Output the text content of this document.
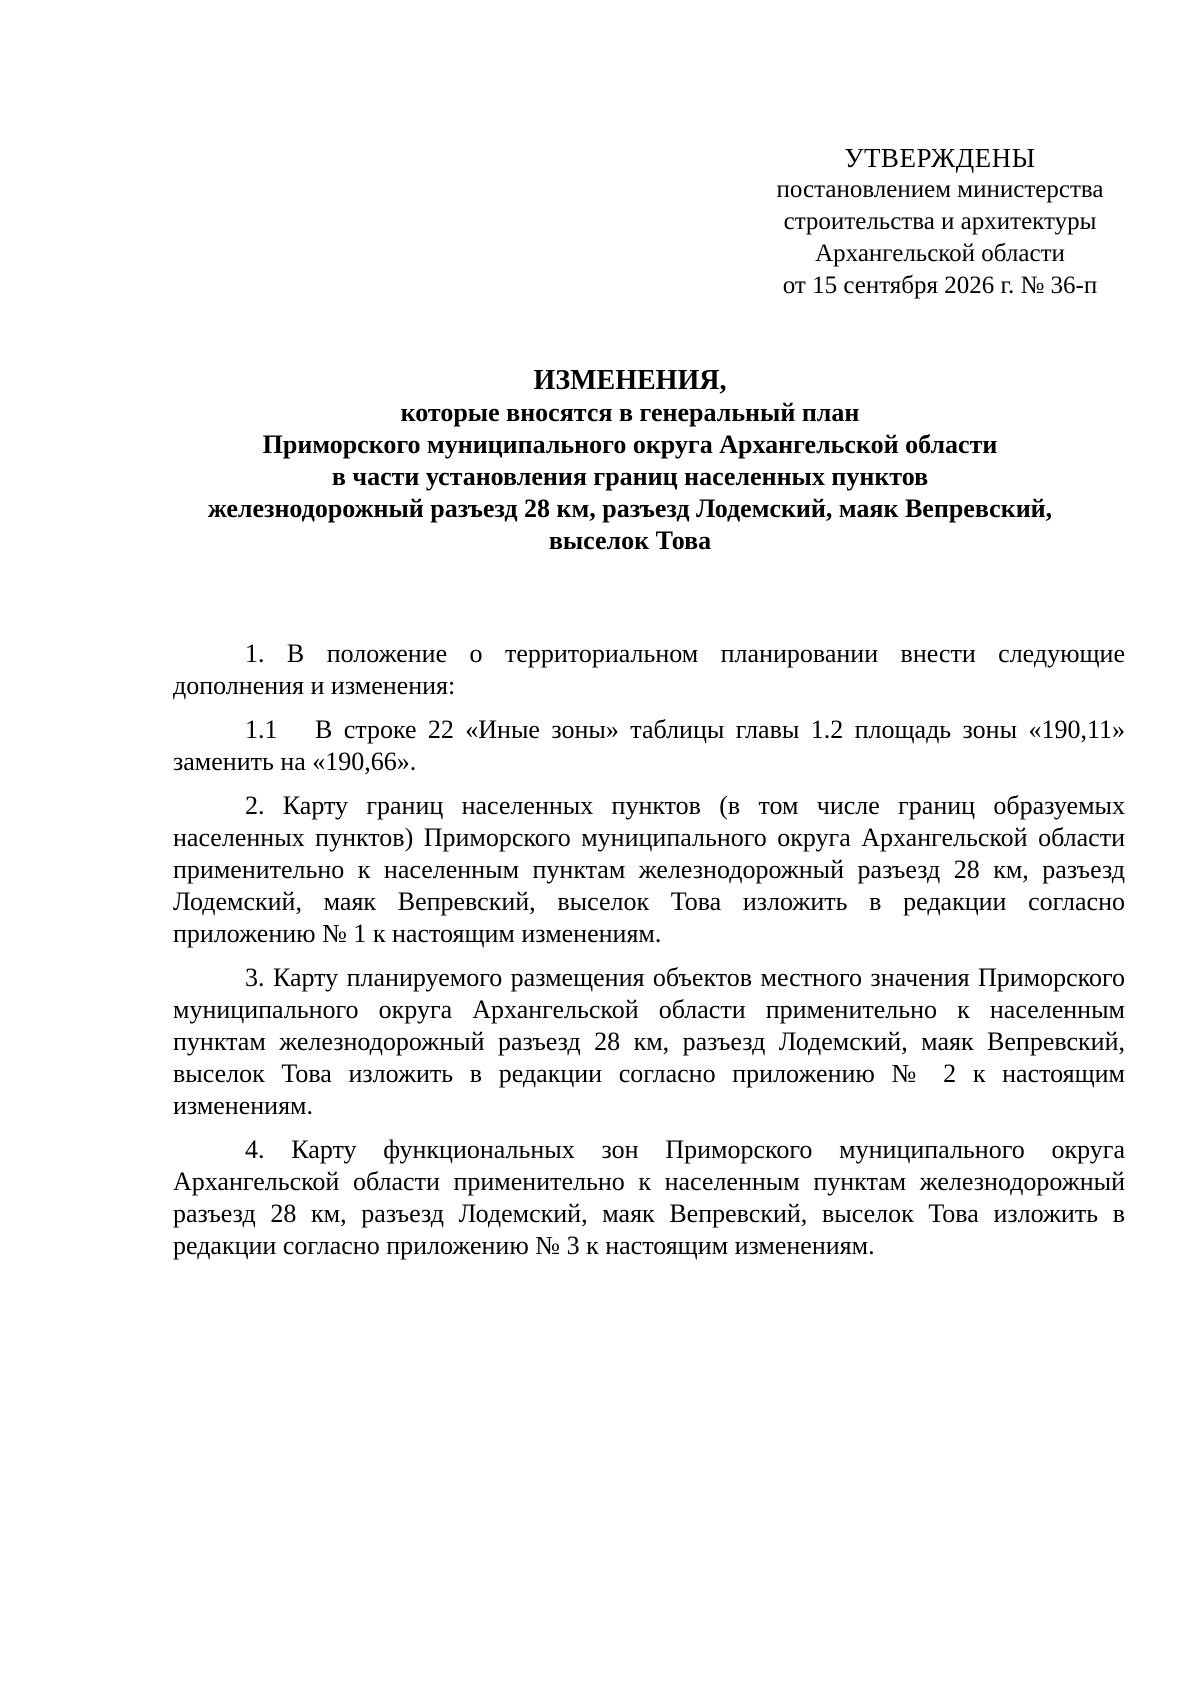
УТВЕРЖДЕНЫ
постановлением министерства
строительства и архитектуры
Архангельской области
от 15 сентября 2026 г. № 36-п
ИЗМЕНЕНИЯ,
которые вносятся в генеральный план
Приморского муниципального округа Архангельской области
в части установления границ населенных пунктов
железнодорожный разъезд 28 км, разъезд Лодемский, маяк Вепревский,
выселок Това

1. В положение о территориальном планировании внести следующие дополнения и изменения:

1.1 В строке 22 «Иные зоны» таблицы главы 1.2 площадь зоны «190,11» заменить на «190,66».

2. Карту границ населенных пунктов (в том числе границ образуемых населенных пунктов) Приморского муниципального округа Архангельской области применительно к населенным пунктам железнодорожный разъезд 28 км, разъезд Лодемский, маяк Вепревский, выселок Това изложить в редакции согласно приложению № 1 к настоящим изменениям.

3. Карту планируемого размещения объектов местного значения Приморского муниципального округа Архангельской области применительно к населенным пунктам железнодорожный разъезд 28 км, разъезд Лодемский, маяк Вепревский, выселок Това изложить в редакции согласно приложению № 2 к настоящим изменениям.

4. Карту функциональных зон Приморского муниципального округа Архангельской области применительно к населенным пунктам железнодорожный разъезд 28 км, разъезд Лодемский, маяк Вепревский, выселок Това изложить в редакции согласно приложению № 3 к настоящим изменениям.
